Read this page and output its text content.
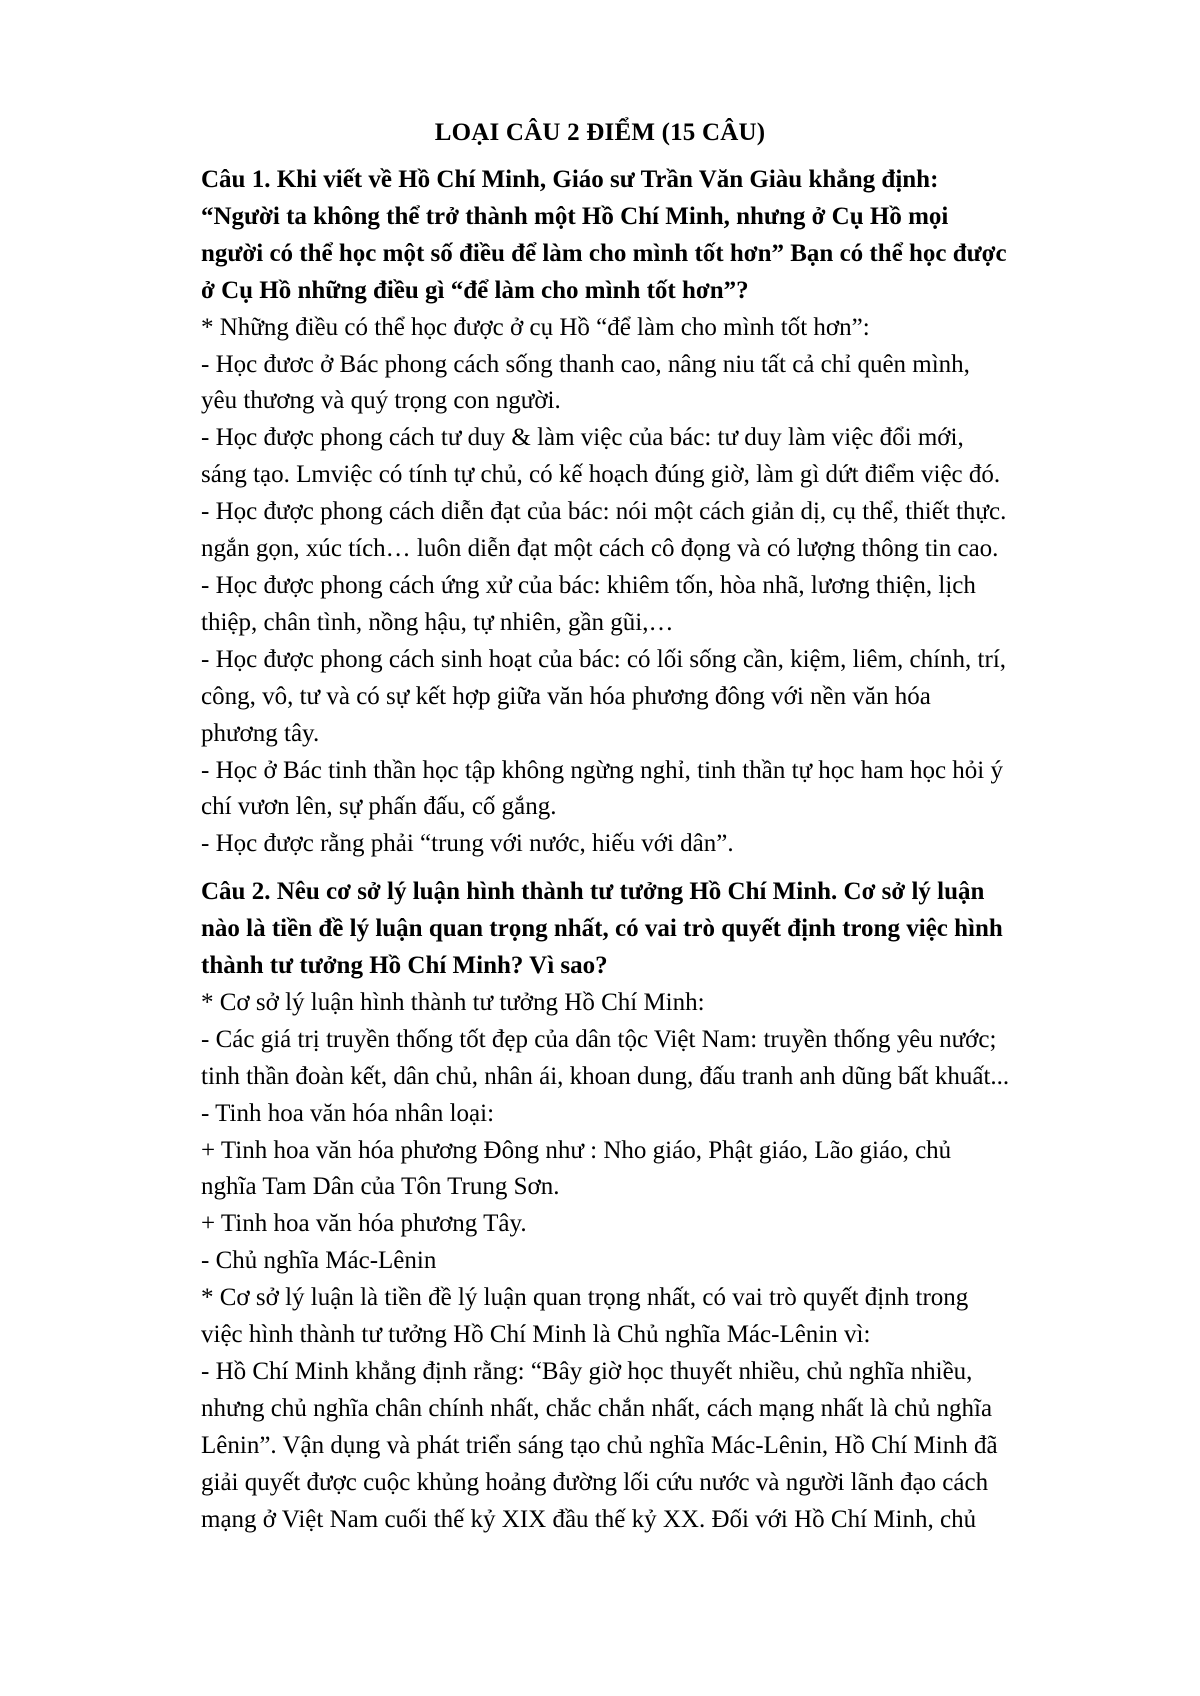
LOẠI CÂU 2 ĐIỂM (15 CÂU)

Câu 1. Khi viết về Hồ Chí Minh, Giáo sư Trần Văn Giàu khẳng định:

“Người ta không thể trở thành một Hồ Chí Minh, nhưng ở Cụ Hồ mọi

người có thể học một số điều để làm cho mình tốt hơn” Bạn có thể học được

ở Cụ Hồ những điều gì “để làm cho mình tốt hơn”?

* Những điều có thể học được ở cụ Hồ “để làm cho mình tốt hơn”:

- Học đươc ở Bác phong cách sống thanh cao, nâng niu tất cả chỉ quên mình,

yêu thương và quý trọng con người.

- Học được phong cách tư duy & làm việc của bác: tư duy làm việc đổi mới,

sáng tạo. Lmviệc có tính tự chủ, có kế hoạch đúng giờ, làm gì dứt điểm việc đó.

- Học được phong cách diễn đạt của bác: nói một cách giản dị, cụ thể, thiết thực.

ngắn gọn, xúc tích… luôn diễn đạt một cách cô đọng và có lượng thông tin cao.

- Học được phong cách ứng xử của bác: khiêm tốn, hòa nhã, lương thiện, lịch

thiệp, chân tình, nồng hậu, tự nhiên, gần gũi,…

- Học được phong cách sinh hoạt của bác: có lối sống cần, kiệm, liêm, chính, trí,

công, vô, tư và có sự kết hợp giữa văn hóa phương đông với nền văn hóa

phương tây.

- Học ở Bác tinh thần học tập không ngừng nghỉ, tinh thần tự học ham học hỏi ý

chí vươn lên, sự phấn đấu, cố gắng.

- Học được rằng phải “trung với nước, hiếu với dân”.

Câu 2. Nêu cơ sở lý luận hình thành tư tưởng Hồ Chí Minh. Cơ sở lý luận

nào là tiền đề lý luận quan trọng nhất, có vai trò quyết định trong việc hình

thành tư tưởng Hồ Chí Minh? Vì sao?

* Cơ sở lý luận hình thành tư tưởng Hồ Chí Minh:

- Các giá trị truyền thống tốt đẹp của dân tộc Việt Nam: truyền thống yêu nước;

tinh thần đoàn kết, dân chủ, nhân ái, khoan dung, đấu tranh anh dũng bất khuất...

- Tinh hoa văn hóa nhân loại:

+ Tinh hoa văn hóa phương Đông như : Nho giáo, Phật giáo, Lão giáo, chủ

nghĩa Tam Dân của Tôn Trung Sơn.

+ Tinh hoa văn hóa phương Tây.

- Chủ nghĩa Mác-Lênin

* Cơ sở lý luận là tiền đề lý luận quan trọng nhất, có vai trò quyết định trong

việc hình thành tư tưởng Hồ Chí Minh là Chủ nghĩa Mác-Lênin vì:

- Hồ Chí Minh khẳng định rằng: “Bây giờ học thuyết nhiều, chủ nghĩa nhiều,

nhưng chủ nghĩa chân chính nhất, chắc chắn nhất, cách mạng nhất là chủ nghĩa

Lênin”. Vận dụng và phát triển sáng tạo chủ nghĩa Mác-Lênin, Hồ Chí Minh đã

giải quyết được cuộc khủng hoảng đường lối cứu nước và người lãnh đạo cách

mạng ở Việt Nam cuối thế kỷ XIX đầu thế kỷ XX. Đối với Hồ Chí Minh, chủ
